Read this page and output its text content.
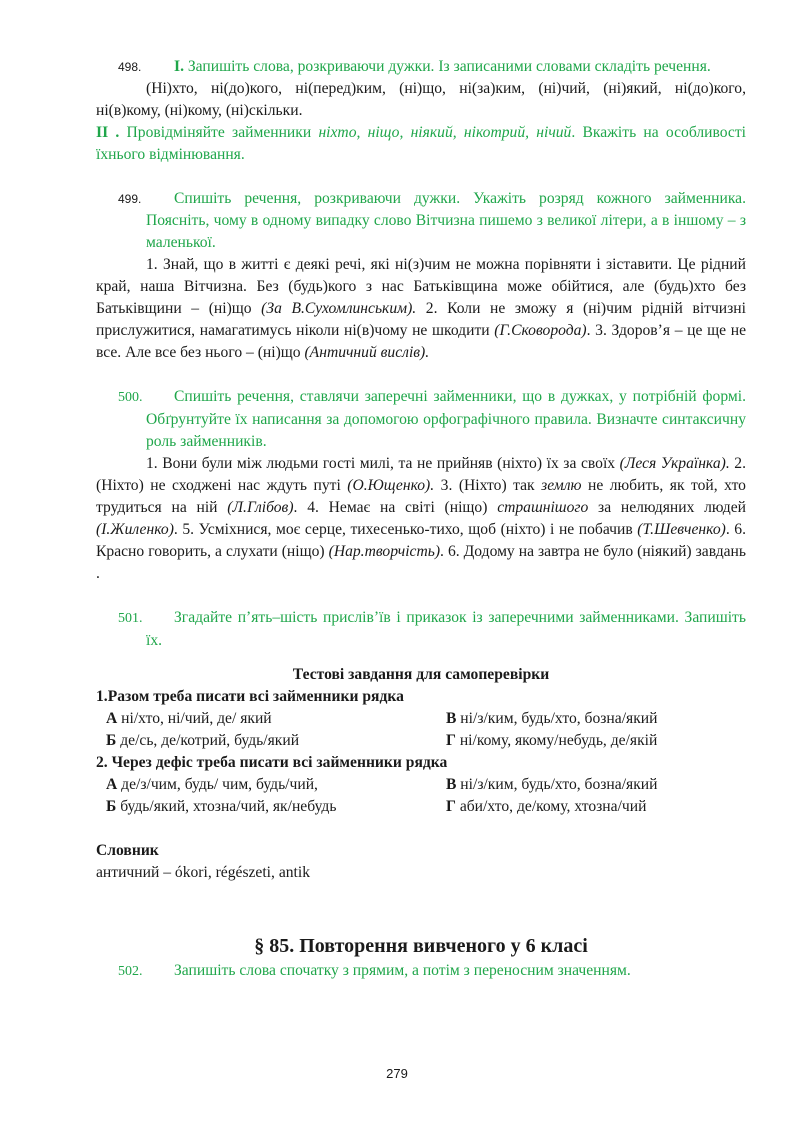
498. I. Запишіть слова, розкриваючи дужки. Із записаними словами складіть речення.

(Ні)хто, ні(до)кого, ні(перед)ким, (ні)що, ні(за)ким, (ні)чий, (ні)який, ні(до)кого, ні(в)кому, (ні)кому, (ні)скільки.

II . Провідміняйте займенники ніхто, ніщо, ніякий, нікотрий, нічий. Вкажіть на особливості їхнього відмінювання.

499. Спишіть речення, розкриваючи дужки. Укажіть розряд кожного займенника. Поясніть, чому в одному випадку слово Вітчизна пишемо з великої літери, а в іншому – з маленької.

1. Знай, що в житті є деякі речі, які ні(з)чим не можна порівняти і зіставити. Це рідний край, наша Вітчизна. Без (будь)кого з нас Батьківщина може обійтися, але (будь)хто без Батьківщини – (ні)що (За В.Сухомлинським). 2. Коли не зможу я (ні)чим рідній вітчизні прислужитися, намагатимусь ніколи ні(в)чому не шкодити (Г.Сковорода). 3. Здоров’я – це ще не все. Але все без нього – (ні)що (Античний вислів).

500. Спишіть речення, ставлячи заперечні займенники, що в дужках, у потрібній формі. Обґрунтуйте їх написання за допомогою орфографічного правила. Визначте синтаксичну роль займенників.

1. Вони були між людьми гості милі, та не прийняв (ніхто) їх за своїх (Леся Українка). 2. (Ніхто) не сходжені нас ждуть путі (О.Ющенко). 3. (Ніхто) так землю не любить, як той, хто трудиться на ній (Л.Глібов). 4. Немає на світі (ніщо) страшнішого за нелюдяних людей (І.Жиленко). 5. Усміхнися, моє серце, тихесенько-тихо, щоб (ніхто) і не побачив (Т.Шевченко). 6. Красно говорить, а слухати (ніщо) (Нар.творчість). 6. Додому на завтра не було (ніякий) завдань .

501. Згадайте п’ять–шість прислів’їв і приказок із заперечними займенниками. Запишіть їх.

Тестові завдання для самоперевірки

1.Разом треба писати всі займенники рядка

А ні/хто, ні/чий, де/ який	В ні/з/ким, будь/хто, бозна/який
Б де/сь, де/котрий, будь/який	Г ні/кому, якому/небудь, де/якій

2. Через дефіс треба писати всі займенники рядка

А де/з/чим, будь/ чим, будь/чий,	В ні/з/ким, будь/хто, бозна/який
Б будь/який, хтозна/чий, як/небудь	Г аби/хто, де/кому, хтозна/чий

Словник

античний – ókori, régészeti, antik

§ 85. Повторення вивченого у 6 класі

502. Запишіть слова спочатку з прямим, а потім з переносним значенням.

279
